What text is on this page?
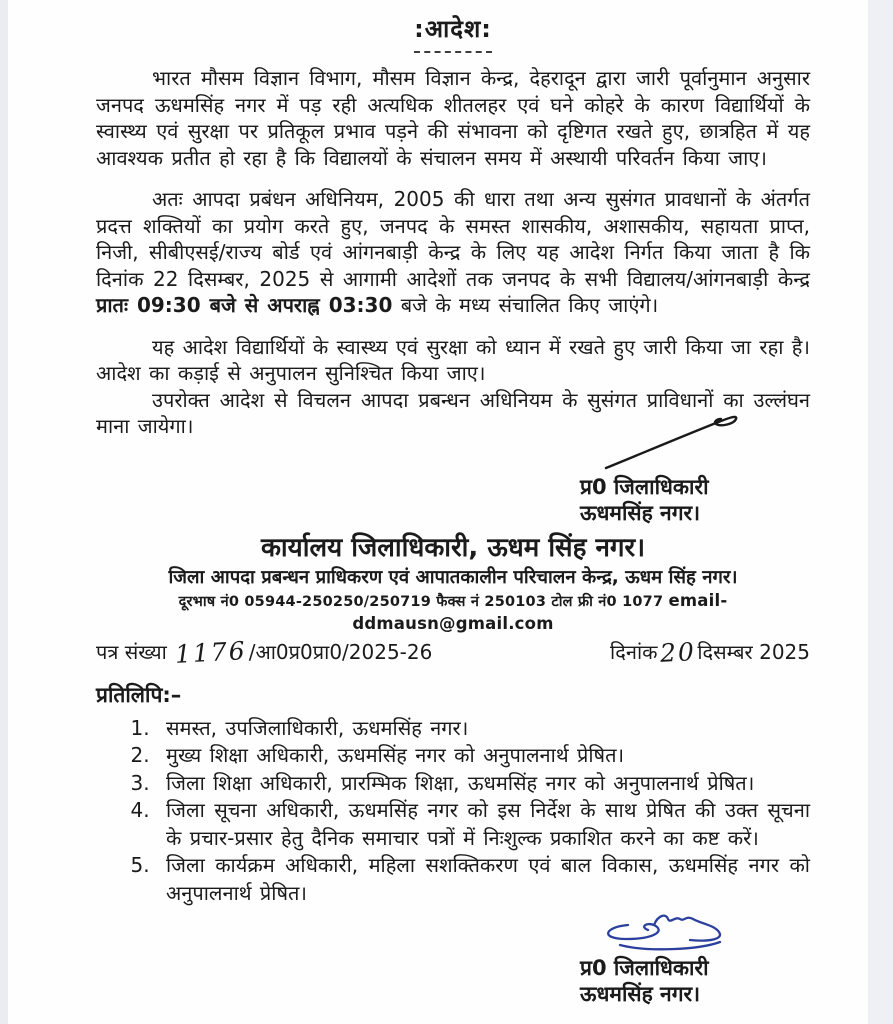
:आदेश:

भारत मौसम विज्ञान विभाग, मौसम विज्ञान केन्द्र, देहरादून द्वारा जारी पूर्वानुमान अनुसार जनपद ऊधमसिंह नगर में पड़ रही अत्यधिक शीतलहर एवं घने कोहरे के कारण विद्यार्थियों के स्वास्थ्य एवं सुरक्षा पर प्रतिकूल प्रभाव पड़ने की संभावना को दृष्टिगत रखते हुए, छात्रहित में यह आवश्यक प्रतीत हो रहा है कि विद्यालयों के संचालन समय में अस्थायी परिवर्तन किया जाए।

अतः आपदा प्रबंधन अधिनियम, 2005 की धारा तथा अन्य सुसंगत प्रावधानों के अंतर्गत प्रदत्त शक्तियों का प्रयोग करते हुए, जनपद के समस्त शासकीय, अशासकीय, सहायता प्राप्त, निजी, सीबीएसई/राज्य बोर्ड एवं आंगनबाड़ी केन्द्र के लिए यह आदेश निर्गत किया जाता है कि दिनांक 22 दिसम्बर, 2025 से आगामी आदेशों तक जनपद के सभी विद्यालय/आंगनबाड़ी केन्द्र प्रातः 09:30 बजे से अपराह्न 03:30 बजे के मध्य संचालित किए जाएंगे।

यह आदेश विद्यार्थियों के स्वास्थ्य एवं सुरक्षा को ध्यान में रखते हुए जारी किया जा रहा है। आदेश का कड़ाई से अनुपालन सुनिश्चित किया जाए।

उपरोक्त आदेश से विचलन आपदा प्रबन्धन अधिनियम के सुसंगत प्राविधानों का उल्लंघन माना जायेगा।

प्र0 जिलाधिकारी
ऊधमसिंह नगर।
कार्यालय जिलाधिकारी, ऊधम सिंह नगर।
जिला आपदा प्रबन्धन प्राधिकरण एवं आपातकालीन परिचालन केन्द्र, ऊधम सिंह नगर।
दूरभाष नं0 05944-250250/250719 फैक्स नं 250103 टोल फ्री नं0 1077 email-ddmausn@gmail.com
पत्र संख्या 1176/आ0प्र0प्रा0/2025-26	दिनांक20दिसम्बर 2025
प्रतिलिपि:–
1. समस्त, उपजिलाधिकारी, ऊधमसिंह नगर।
2. मुख्य शिक्षा अधिकारी, ऊधमसिंह नगर को अनुपालनार्थ प्रेषित।
3. जिला शिक्षा अधिकारी, प्रारम्भिक शिक्षा, ऊधमसिंह नगर को अनुपालनार्थ प्रेषित।
4. जिला सूचना अधिकारी, ऊधमसिंह नगर को इस निर्देश के साथ प्रेषित की उक्त सूचना के प्रचार-प्रसार हेतु दैनिक समाचार पत्रों में निःशुल्क प्रकाशित करने का कष्ट करें।
5. जिला कार्यक्रम अधिकारी, महिला सशक्तिकरण एवं बाल विकास, ऊधमसिंह नगर को अनुपालनार्थ प्रेषित।
प्र0 जिलाधिकारी
ऊधमसिंह नगर।
